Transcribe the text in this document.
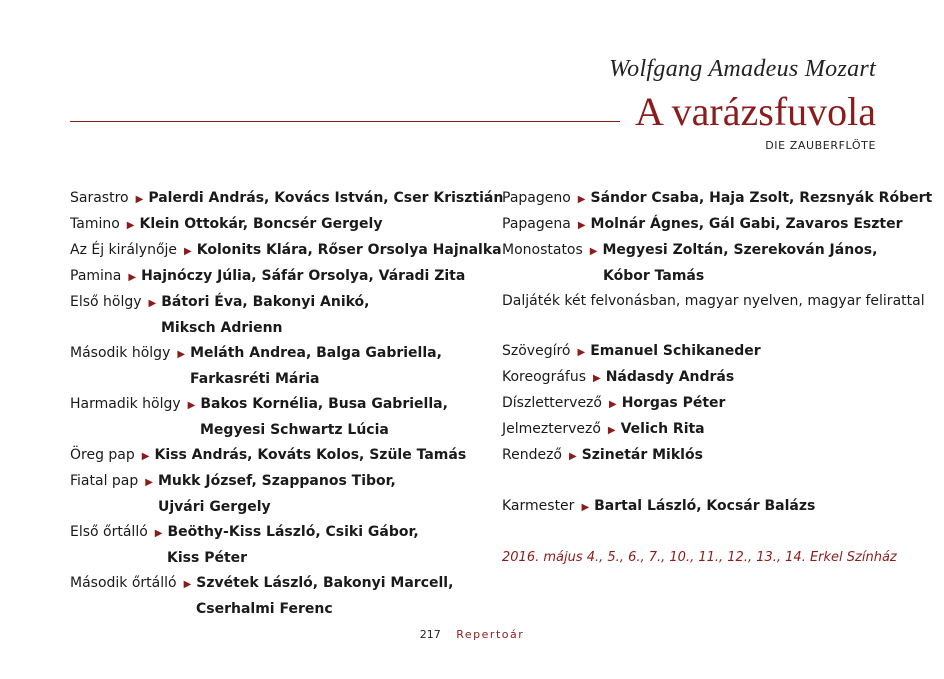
Wolfgang Amadeus Mozart
A varázsfuvola
DIE ZAUBERFLÖTE
Sarastro ▶ Palerdi András, Kovács István, Cser Krisztián
Tamino ▶ Klein Ottokár, Boncsér Gergely
Az Éj királynője ▶ Kolonits Klára, Rőser Orsolya Hajnalka
Pamina ▶ Hajnóczy Júlia, Sáfár Orsolya, Váradi Zita
Első hölgy ▶ Bátori Éva, Bakonyi Anikó,
Miksch Adrienn
Második hölgy ▶ Meláth Andrea, Balga Gabriella,
Farkasréti Mária
Harmadik hölgy ▶ Bakos Kornélia, Busa Gabriella,
Megyesi Schwartz Lúcia
Öreg pap ▶ Kiss András, Kováts Kolos, Szüle Tamás
Fiatal pap ▶ Mukk József, Szappanos Tibor,
Ujvári Gergely
Első őrtálló ▶ Beöthy-Kiss László, Csiki Gábor,
Kiss Péter
Második őrtálló ▶ Szvétek László, Bakonyi Marcell,
Cserhalmi Ferenc
Papageno ▶ Sándor Csaba, Haja Zsolt, Rezsnyák Róbert
Papagena ▶ Molnár Ágnes, Gál Gabi, Zavaros Eszter
Monostatos ▶ Megyesi Zoltán, Szerekován János,
Kóbor Tamás
Daljáték két felvonásban, magyar nyelven, magyar felirattal
Szövegíró ▶ Emanuel Schikaneder
Koreográfus ▶ Nádasdy András
Díszlettervező ▶ Horgas Péter
Jelmeztervező ▶ Velich Rita
Rendező ▶ Szinetár Miklós
Karmester ▶ Bartal László, Kocsár Balázs
2016. május 4., 5., 6., 7., 10., 11., 12., 13., 14. Erkel Színház
217 Repertoár
